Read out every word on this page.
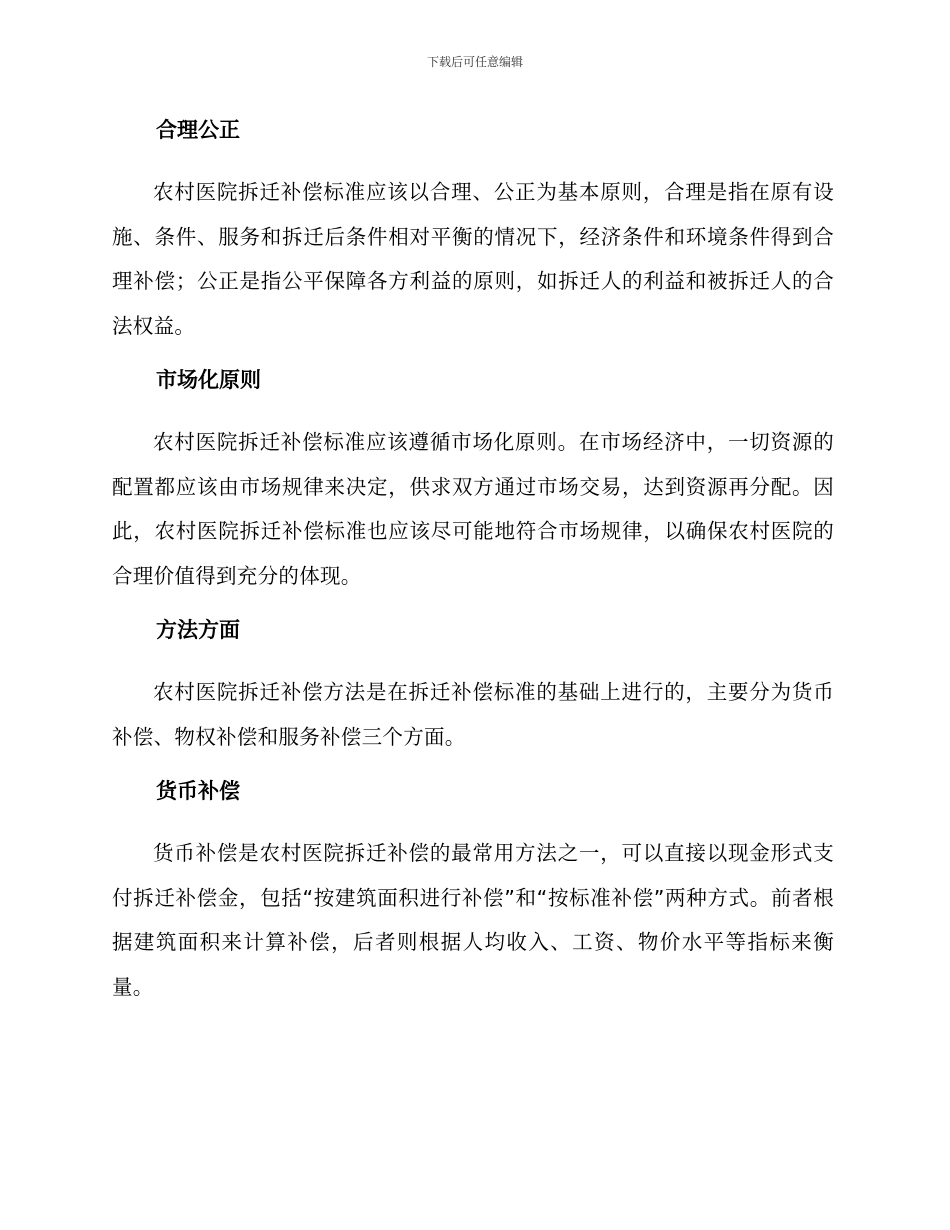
下载后可任意编辑
合理公正

农村医院拆迁补偿标准应该以合理、公正为基本原则，合理是指在原有设施、条件、服务和拆迁后条件相对平衡的情况下，经济条件和环境条件得到合理补偿；公正是指公平保障各方利益的原则，如拆迁人的利益和被拆迁人的合法权益。

市场化原则

农村医院拆迁补偿标准应该遵循市场化原则。在市场经济中，一切资源的配置都应该由市场规律来决定，供求双方通过市场交易，达到资源再分配。因此，农村医院拆迁补偿标准也应该尽可能地符合市场规律，以确保农村医院的合理价值得到充分的体现。

方法方面

农村医院拆迁补偿方法是在拆迁补偿标准的基础上进行的，主要分为货币补偿、物权补偿和服务补偿三个方面。

货币补偿

货币补偿是农村医院拆迁补偿的最常用方法之一，可以直接以现金形式支付拆迁补偿金，包括“按建筑面积进行补偿”和“按标准补偿”两种方式。前者根据建筑面积来计算补偿，后者则根据人均收入、工资、物价水平等指标来衡量。
